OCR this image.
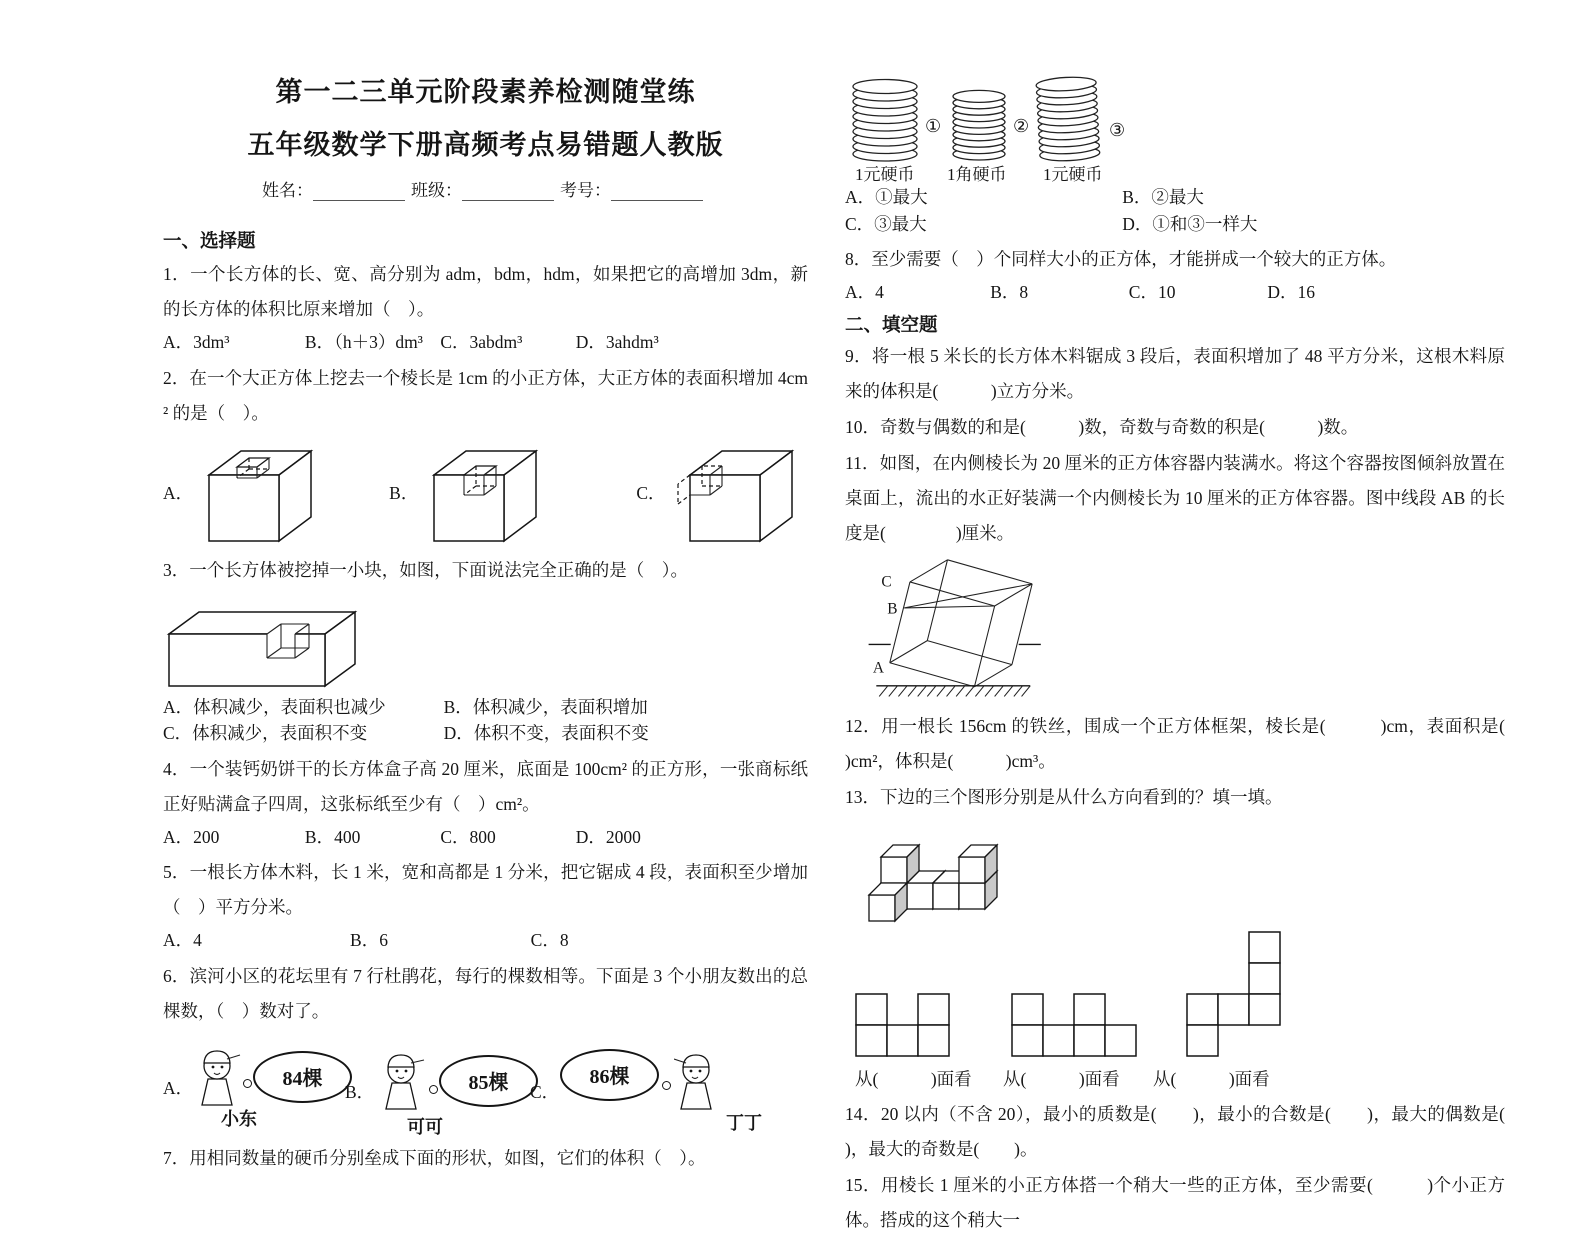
第一二三单元阶段素养检测随堂练
五年级数学下册高频考点易错题人教版
姓名：	班级：	考号：
一、选择题

1．一个长方体的长、宽、高分别为 adm，bdm，hdm，如果把它的高增加 3dm，新的长方体的体积比原来增加（　）。

A．3dm³	B．（h＋3）dm³ C．3abdm³	D．3ahdm³

2．在一个大正方体上挖去一个棱长是 1cm 的小正方体，大正方体的表面积增加 4cm² 的是（　）。

A．	B．	C．

3．一个长方体被挖掉一小块，如图，下面说法完全正确的是（　）。

A．体积减少，表面积也减少	B．体积减少，表面积增加
C．体积减少，表面积不变	D．体积不变，表面积不变

4．一个装钙奶饼干的长方体盒子高 20 厘米，底面是 100cm² 的正方形，一张商标纸正好贴满盒子四周，这张标纸至少有（　）cm²。

A．200	B．400	C．800	D．2000

5．一根长方体木料，长 1 米，宽和高都是 1 分米，把它锯成 4 段，表面积至少增加（　）平方分米。

A．4	B．6	C．8

6．滨河小区的花坛里有 7 行杜鹃花，每行的棵数相等。下面是 3 个小朋友数出的总棵数，（　）数对了。

A．	84棵
小东
B．	85棵
可可
C．
86棵
丁丁

7．用相同数量的硬币分别垒成下面的形状，如图，它们的体积（　）。

①	②	③
1元硬币 1角硬币 1元硬币
A．①最大	B．②最大
C．③最大	D．①和③一样大

8．至少需要（　）个同样大小的正方体，才能拼成一个较大的正方体。

A．4	B．8	C．10	D．16
二、填空题

9．将一根 5 米长的长方体木料锯成 3 段后，表面积增加了 48 平方分米，这根木料原来的体积是(　　　)立方分米。

10．奇数与偶数的和是(　　　)数，奇数与奇数的积是(　　　)数。

11．如图，在内侧棱长为 20 厘米的正方体容器内装满水。将这个容器按图倾斜放置在桌面上，流出的水正好装满一个内侧棱长为 10 厘米的正方体容器。图中线段 AB 的长度是(　　　　)厘米。

C
B
A

12．用一根长 156cm 的铁丝，围成一个正方体框架，棱长是(　　　)cm，表面积是(　　　)cm²，体积是(　　　)cm³。

13．下边的三个图形分别是从什么方向看到的？填一填。

从(　　　)面看	从(　　　)面看	从(　　　)面看

14．20 以内（不含 20），最小的质数是(　　)，最小的合数是(　　)，最大的偶数是(　　)，最大的奇数是(　　)。

15．用棱长 1 厘米的小正方体搭一个稍大一些的正方体，至少需要(　　　)个小正方体。搭成的这个稍大一
